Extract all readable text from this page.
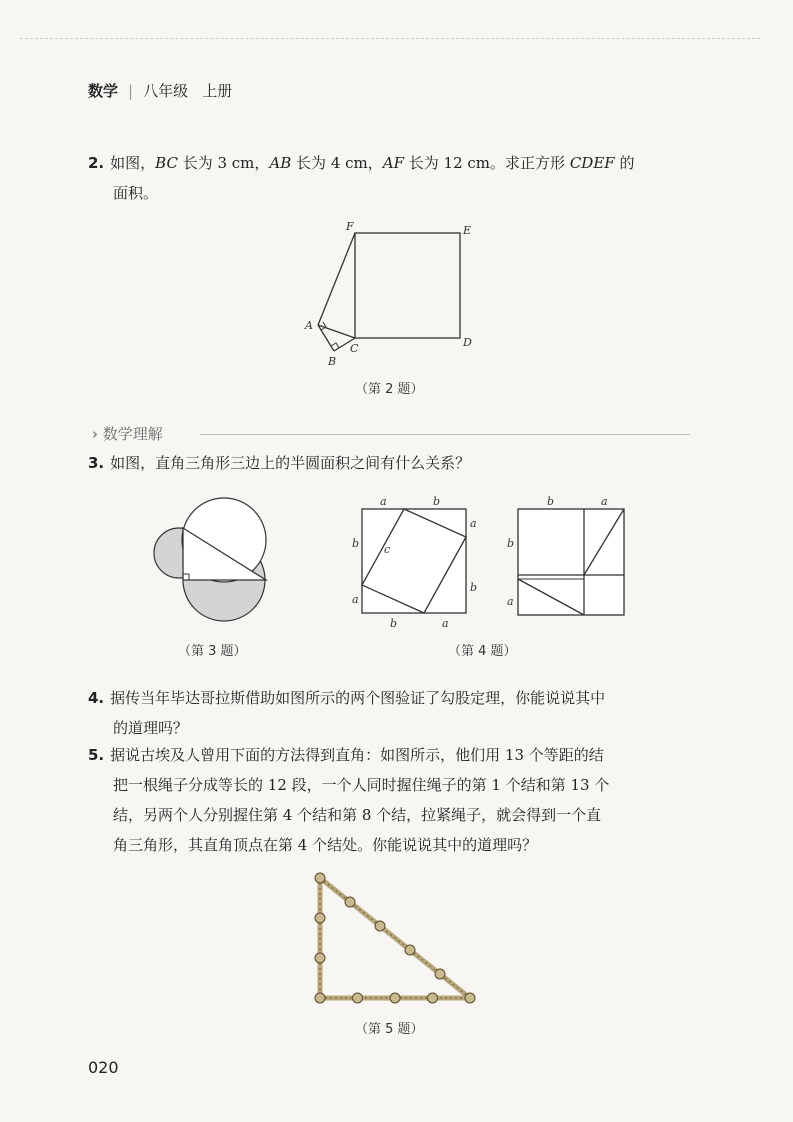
数学 | 八年级 上册
2. 如图，BC 长为 3 cm，AB 长为 4 cm，AF 长为 12 cm。求正方形 CDEF 的
面积。
F	E
A
B
C	D
（第 2 题）
› 数学理解
3. 如图，直角三角形三边上的半圆面积之间有什么关系？
（第 3 题）
a	b
a
b
b
a
b	a
c
b	a
b
a
（第 4 题）
4. 据传当年毕达哥拉斯借助如图所示的两个图验证了勾股定理，你能说说其中
的道理吗？
5. 据说古埃及人曾用下面的方法得到直角：如图所示，他们用 13 个等距的结
把一根绳子分成等长的 12 段，一个人同时握住绳子的第 1 个结和第 13 个
结，另两个人分别握住第 4 个结和第 8 个结，拉紧绳子，就会得到一个直
角三角形，其直角顶点在第 4 个结处。你能说说其中的道理吗？
（第 5 题）
020
